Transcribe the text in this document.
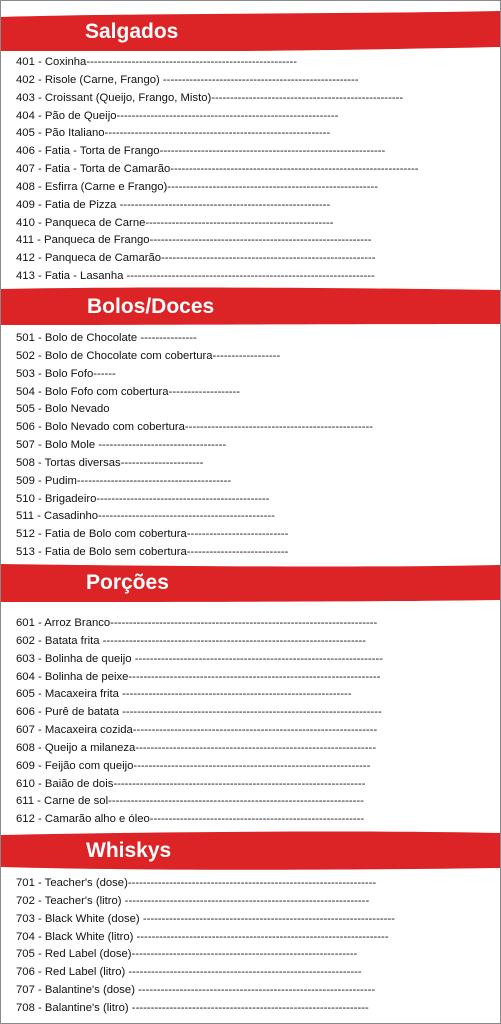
Salgados
401 - Coxinha--------------------------------------------------------
402 - Risole (Carne, Frango) ----------------------------------------------------
403 - Croissant (Queijo, Frango, Misto)---------------------------------------------------
404 - Pão de Queijo-----------------------------------------------------------
405 - Pão Italiano------------------------------------------------------------
406 - Fatia - Torta de Frango------------------------------------------------------------
407 - Fatia - Torta de Camarão------------------------------------------------------------------
408 - Esfirra (Carne e Frango)--------------------------------------------------------
409 - Fatia de Pizza --------------------------------------------------------
410 - Panqueca de Carne--------------------------------------------------
411 - Panqueca de Frango-----------------------------------------------------------
412 - Panqueca de Camarão---------------------------------------------------------
413 - Fatia - Lasanha ------------------------------------------------------------------
Bolos/Doces
501 - Bolo de Chocolate ---------------
502 - Bolo de Chocolate com cobertura------------------
503 - Bolo Fofo------
504 - Bolo Fofo com cobertura-------------------
505 - Bolo Nevado
506 - Bolo Nevado com cobertura--------------------------------------------------
507 - Bolo Mole ----------------------------------
508 - Tortas diversas----------------------
509 - Pudim-----------------------------------------
510 - Brigadeiro----------------------------------------------
511 - Casadinho-----------------------------------------------
512 - Fatia de Bolo com cobertura---------------------------
513 - Fatia de Bolo sem cobertura---------------------------
Porções
601 - Arroz Branco-----------------------------------------------------------------------
602 - Batata frita ----------------------------------------------------------------------
603 - Bolinha de queijo ------------------------------------------------------------------
604 - Bolinha de peixe-------------------------------------------------------------------
605 - Macaxeira frita -------------------------------------------------------------
606 - Purê de batata ---------------------------------------------------------------------
607 - Macaxeira cozida-----------------------------------------------------------------
608 - Queijo a milaneza----------------------------------------------------------------
609 - Feijão com queijo---------------------------------------------------------------
610 - Baião de dois-------------------------------------------------------------------
611 - Carne de sol--------------------------------------------------------------------
612 - Camarão alho e óleo---------------------------------------------------------
Whiskys
701 - Teacher's (dose)------------------------------------------------------------------
702 - Teacher's (litro) -----------------------------------------------------------------
703 - Black White (dose) -------------------------------------------------------------------
704 - Black White (litro) -------------------------------------------------------------------
705 - Red Label (dose)------------------------------------------------------------
706 - Red Label (litro) --------------------------------------------------------------
707 - Balantine's (dose) ---------------------------------------------------------------
708 - Balantine's (litro) ---------------------------------------------------------------
